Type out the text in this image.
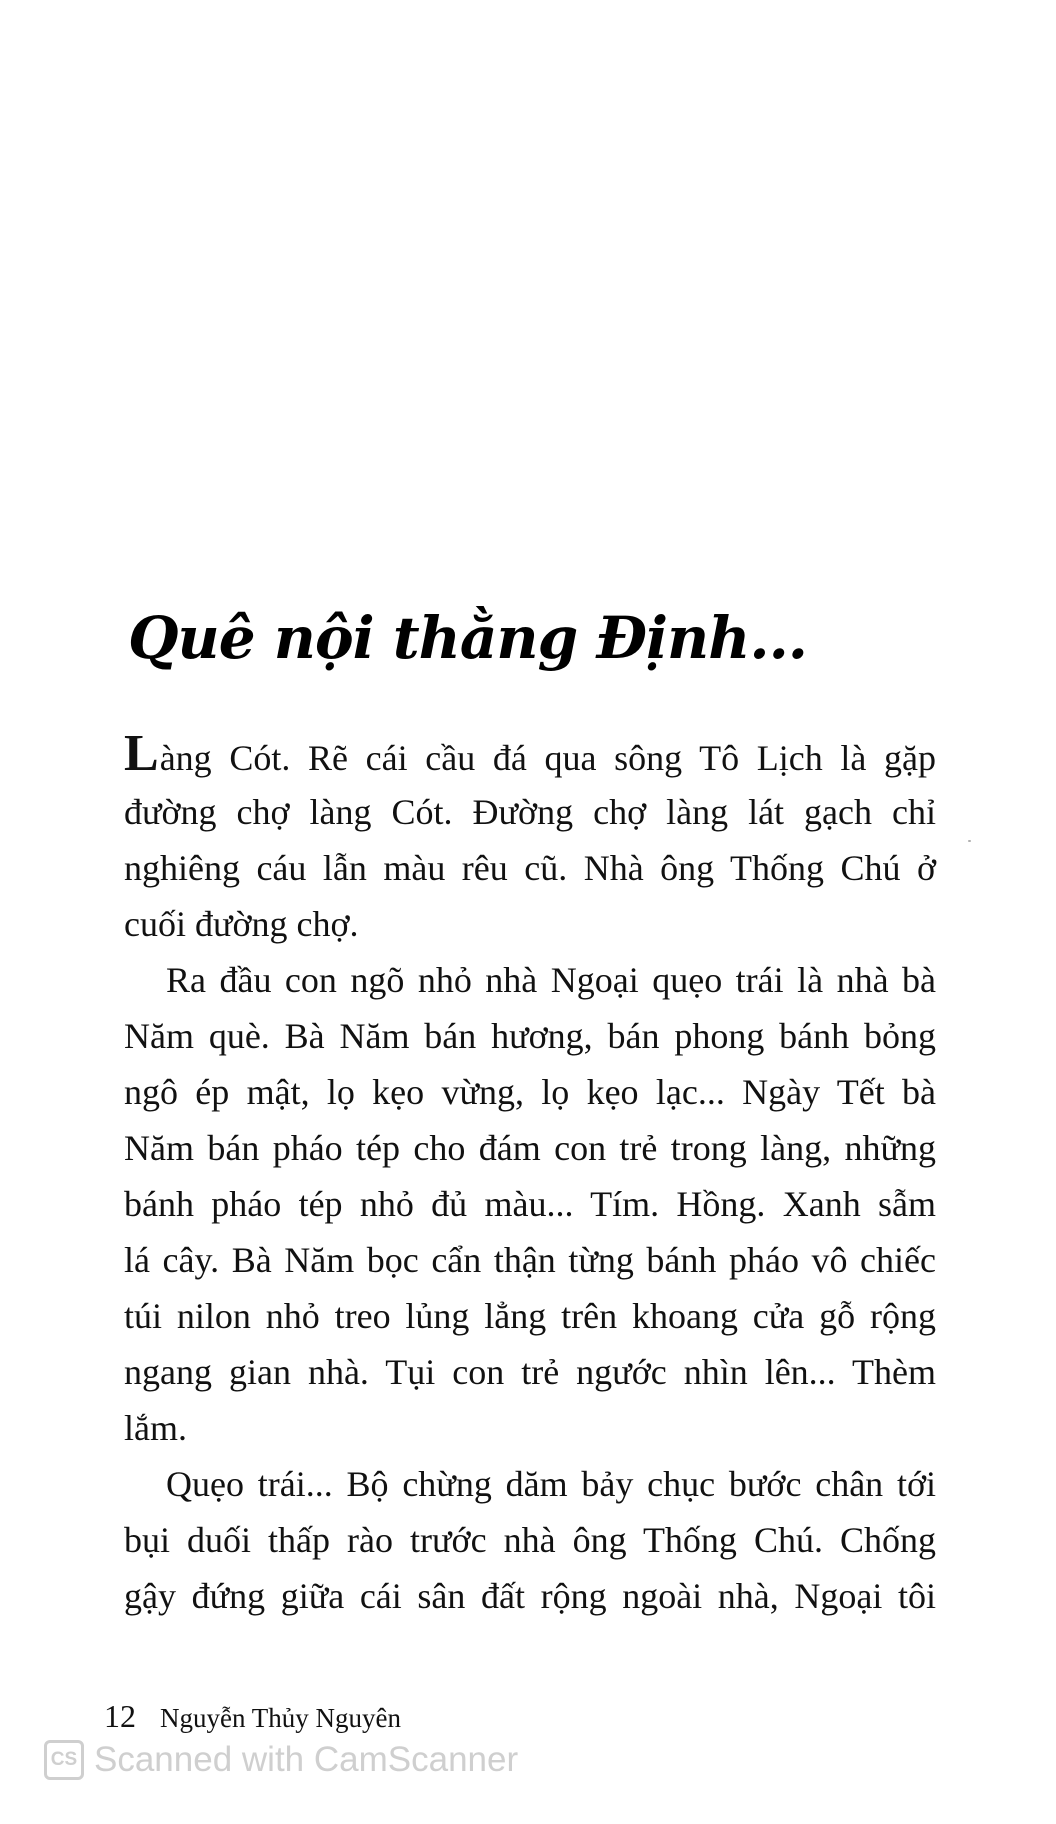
Quê nội thằng Định...
Làng Cót. Rẽ cái cầu đá qua sông Tô Lịch là gặp
đường chợ làng Cót. Đường chợ làng lát gạch chỉ
nghiêng cáu lẫn màu rêu cũ. Nhà ông Thống Chú ở
cuối đường chợ.
Ra đầu con ngõ nhỏ nhà Ngoại quẹo trái là nhà bà
Năm què. Bà Năm bán hương, bán phong bánh bỏng
ngô ép mật, lọ kẹo vừng, lọ kẹo lạc... Ngày Tết bà
Năm bán pháo tép cho đám con trẻ trong làng, những
bánh pháo tép nhỏ đủ màu... Tím. Hồng. Xanh sẫm
lá cây. Bà Năm bọc cẩn thận từng bánh pháo vô chiếc
túi nilon nhỏ treo lủng lẳng trên khoang cửa gỗ rộng
ngang gian nhà. Tụi con trẻ ngước nhìn lên... Thèm
lắm.
Quẹo trái... Bộ chừng dăm bảy chục bước chân tới
bụi duối thấp rào trước nhà ông Thống Chú. Chống
gậy đứng giữa cái sân đất rộng ngoài nhà, Ngoại tôi
12 Nguyễn Thủy Nguyên
CS Scanned with CamScanner
